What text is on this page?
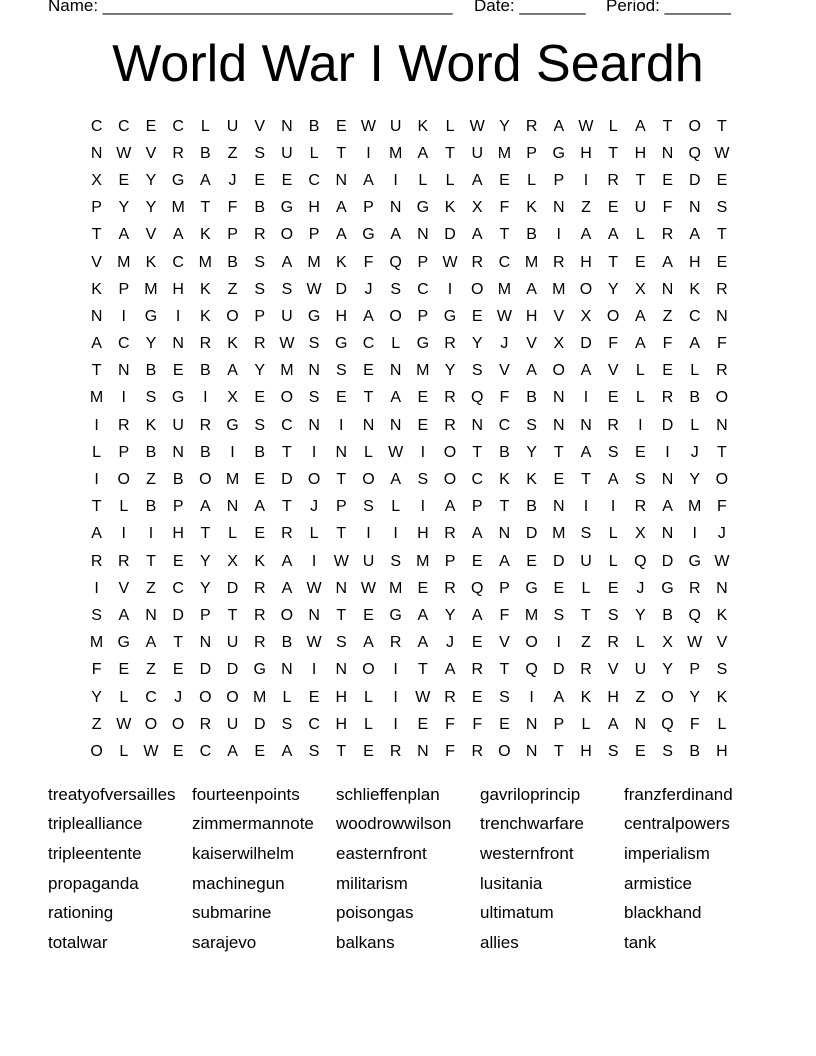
Name: _____________________________________ Date: _______ Period: _______
World War I Word Seardh
C C	E	C	L	U	V	N	B	E W U	K	L W Y	R	A W L	A	T	O	T
N W V	R	B	Z	S	U	L	T	I	M A	T	U M P G H	T	H N Q W
X	E	Y G A	J	E	E	C N	A	I	L	L	A	E	L	P	I	R	T	E	D	E
P	Y	Y M T	F	B G H	A	P	N G K	X	F	K	N	Z	E	U	F	N	S
T	A	V	A	K	P	R O P	A G A	N D	A	T	B	I	A	A	L	R	A	T
V M K	C M B	S	A M K	F	Q P W R C M R H	T	E	A	H	E
K	P M H	K	Z	S	S W D	J	S	C	I	O M A M O Y	X	N	K	R
N	I	G	I	K O P	U G H	A O P G E W H	V	X O A	Z	C N
A	C	Y	N R	K	R W S G C	L	G R	Y	J	V	X	D	F	A	F	A	F
T	N	B	E	B	A	Y M N	S	E	N M Y	S	V	A O A	V	L	E	L	R
M	I	S G	I	X	E O S	E	T	A	E	R Q	F	B	N	I	E	L	R	B O
I	R	K	U R G S	C N	I	N N	E	R N C	S	N N R	I	D	L	N
L	P	B	N	B	I	B	T	I	N	L W	I	O	T	B	Y	T	A	S	E	I	J	T
I	O	Z	B O M E	D O	T	O A	S O C	K	K	E	T	A	S	N	Y O
T	L	B	P	A	N	A	T	J	P	S	L	I	A	P	T	B	N	I	I	R	A M F
A	I	I	H	T	L	E	R	L	T	I	I	H R	A	N D M S	L	X	N	I	J
R R	T	E	Y	X	K	A	I	W U	S M P	E	A	E	D U	L	Q D G W
I	V	Z	C	Y	D R	A W N W M E	R Q P G E	L	E	J	G R N
S	A	N D	P	T	R O N	T	E G A	Y	A	F M S	T	S	Y	B Q K
M G A	T	N U R	B W S	A	R	A	J	E	V O	I	Z	R	L	X W V
F	E	Z	E	D D G N	I	N O	I	T	A	R	T	Q D R	V	U	Y	P	S
Y	L	C	J	O O M	L	E	H	L	I	W R	E	S	I	A	K	H	Z	O Y	K
Z W O O R U D	S	C H	L	I	E	F	F	E	N	P	L	A	N Q	F	L
O	L W E	C	A	E	A	S	T	E	R N	F	R O N	T	H	S	E	S	B	H
treatyofversailles fourteenpoints	schlieffenplan	gavriloprincip	franzferdinand
triplealliance	zimmermannote	woodrowwilson	trenchwarfare	centralpowers
tripleentente	kaiserwilhelm	easternfront	westernfront	imperialism
propaganda	machinegun	militarism	lusitania	armistice
rationing	submarine	poisongas	ultimatum	blackhand
totalwar	sarajevo	balkans	allies	tank
